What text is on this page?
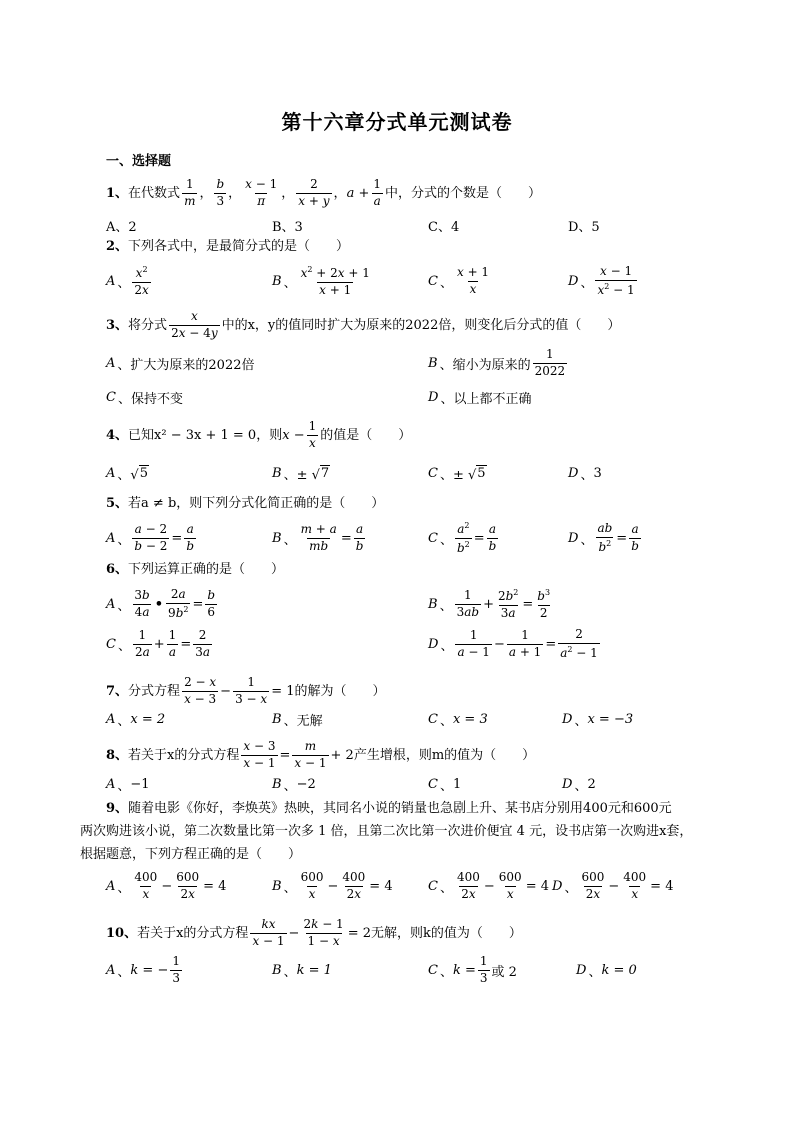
第十六章分式单元测试卷
一、选择题
1、 在代数式 $\frac{1}{m}$ ， $\frac{b}{3}$ ， $\frac{x - 1}{\pi}$ ， $\frac{2}{x + y}$ ， $a + \frac{1}{a}$ 中，分式的个数是（　　）
A、2	B、3	C、4	D、5
2、 下列各式中，是最简分式的是（　　）
A 、 $\frac{x^2}{2x}$	B 、 $\frac{x^2 + 2x + 1}{x + 1}$	C 、 $\frac{x + 1}{x}$	D 、 $\frac{x - 1}{x^2 - 1}$
3、 将分式 $\frac{x}{2x - 4y}$ 中的x，y的值同时扩大为原来的2022倍，则变化后分式的值（　　）
A 、 扩大为原来的2022倍	B 、 缩小为原来的 $\frac{1}{2022}$
C 、 保持不变	D 、 以上都不正确
4、 已知x² − 3x + 1 = 0，则 $x - \frac{1}{x}$ 的值是（　　）
A 、√ 5	B 、± √ 7	C 、± √ 5	D 、 3
5、 若a ≠ b，则下列分式化简正确的是（　　）
A 、 $\frac{a - 2}{b - 2} = \frac{a}{b}$	B 、 $\frac{m + a}{mb} = \frac{a}{b}$	C 、 $\frac{a^2}{b^2} = \frac{a}{b}$	D 、 $\frac{ab}{b^2} = \frac{a}{b}$
6、 下列运算正确的是（　　）
A 、 $\frac{3b}{4a}$ • $\frac{2a}{9b^2} = \frac{b}{6}$	B 、 $\frac{1}{3ab} + \frac{2b^2}{3a} = \frac{b^3}{2}$
C 、 $\frac{1}{2a} + \frac{1}{a} = \frac{2}{3a}$	D 、 $\frac{1}{a - 1} - \frac{1}{a + 1} = \frac{2}{a^2 - 1}$
7、 分式方程 $\frac{2 - x}{x - 3} - \frac{1}{3 - x} = 1$ 的解为（　　）
A 、 x = 2	B 、 无解	C 、 x = 3	D 、 x = −3
8、 若关于x的分式方程 $\frac{x - 3}{x - 1} = \frac{m}{x - 1} + 2$ 产生增根，则m的值为（　　）
A 、 −1	B 、 −2	C 、 1	D 、 2
9、随着电影《你好，李焕英》热映，其同名小说的销量也急剧上升、某书店分别用400元和600元
两次购进该小说，第二次数量比第一次多 1 倍，且第二次比第一次进价便宜 4 元，设书店第一次购进x套，
根据题意，下列方程正确的是（　　）
A 、 $\frac{400}{x} - \frac{600}{2x} = 4$	B 、 $\frac{600}{x} - \frac{400}{2x} = 4$	C 、 $\frac{400}{2x} - \frac{600}{x} = 4$ D 、 $\frac{600}{2x} - \frac{400}{x} = 4$
10、 若关于x的分式方程 $\frac{kx}{x - 1} - \frac{2k - 1}{1 - x} = 2$ 无解，则k的值为（　　）
A 、 k = − $\frac{1}{3}$	B 、 k = 1	C 、 $k = \frac{1}{3}$ 或 2	D 、 k = 0
